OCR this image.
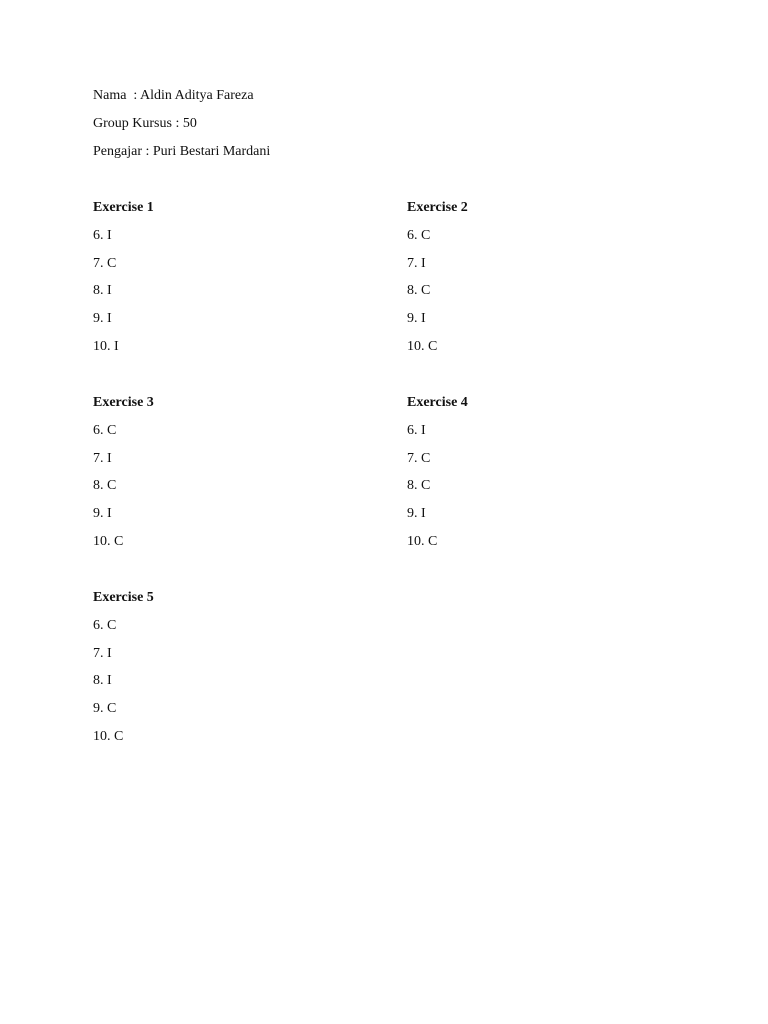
Nama  : Aldin Aditya Fareza
Group Kursus : 50
Pengajar : Puri Bestari Mardani
Exercise 1
6. I
7. C
8. I
9. I
10. I
Exercise 2
6. C
7. I
8. C
9. I
10. C
Exercise 3
6. C
7. I
8. C
9. I
10. C
Exercise 4
6. I
7. C
8. C
9. I
10. C
Exercise 5
6. C
7. I
8. I
9. C
10. C
